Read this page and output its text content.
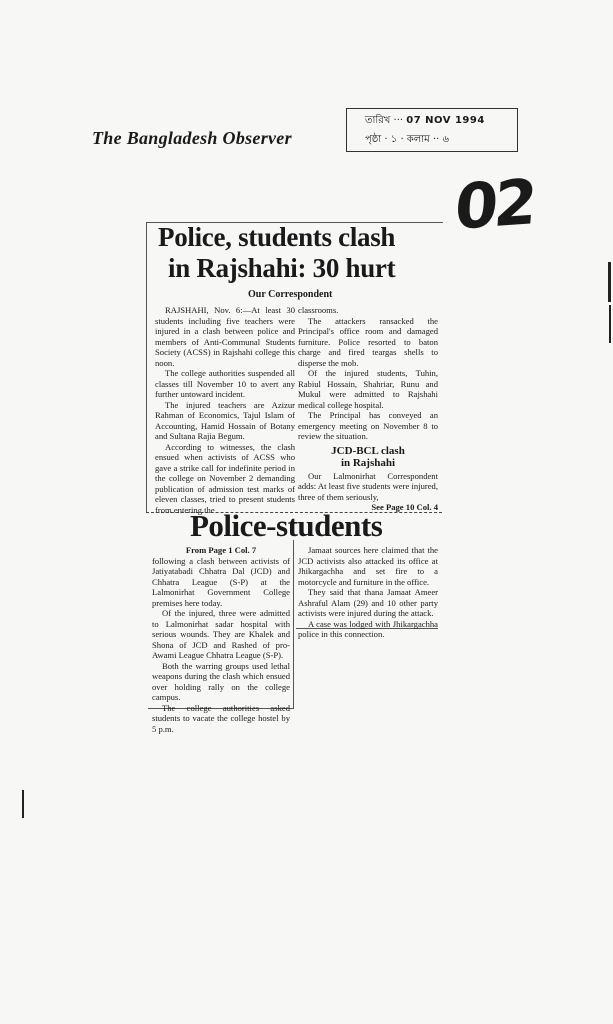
The Bangladesh Observer
তারিখ ··· 07 NOV 1994
পৃষ্ঠা · ১ · কলাম ·· ৬
02
Police, students clash
in Rajshahi: 30 hurt
Our Correspondent

RAJSHAHI, Nov. 6:—At least 30 students including five teachers were injured in a clash between police and members of Anti-Communal Students Society (ACSS) in Rajshahi college this noon.

The college authorities suspended all classes till November 10 to avert any further untoward incident.

The injured teachers are Azizur Rahman of Economics, Tajul Islam of Accounting, Hamid Hossain of Botany and Sultana Rajia Begum.

According to witnesses, the clash ensued when activists of ACSS who gave a strike call for indefinite period in the college on November 2 demanding publication of admission test marks of eleven classes, tried to present students from entering the

classrooms.

The attackers ransacked the Principal's office room and damaged furniture. Police resorted to baton charge and fired teargas shells to disperse the mob.

Of the injured students, Tuhin, Rabiul Hossain, Shahriar, Runu and Mukul were admitted to Rajshahi medical college hospital.

The Principal has conveyed an emergency meeting on November 8 to review the situation.

JCD-BCL clash
in Rajshahi

Our Lalmonirhat Correspondent adds: At least five students were injured, three of them seriously,

See Page 10 Col. 4

Police-students

From Page 1 Col. 7

following a clash between activists of Jatiyatabadi Chhatra Dal (JCD) and Chhatra League (S-P) at the Lalmonirhat Government College premises here today.

Of the injured, three were admitted to Lalmonirhat sadar hospital with serious wounds. They are Khalek and Shona of JCD and Rashed of pro-Awami League Chhatra League (S-P).

Both the warring groups used lethal weapons during the clash which ensued over holding rally on the college campus.

The college authorities asked students to vacate the college hostel by 5 p.m.

Jamaat sources here claimed that the JCD activists also attacked its office at Jhikargachha and set fire to a motorcycle and furniture in the office.

They said that thana Jamaat Ameer Ashraful Alam (29) and 10 other party activists were injured during the attack.

A case was lodged with Jhikargachha police in this connection.
